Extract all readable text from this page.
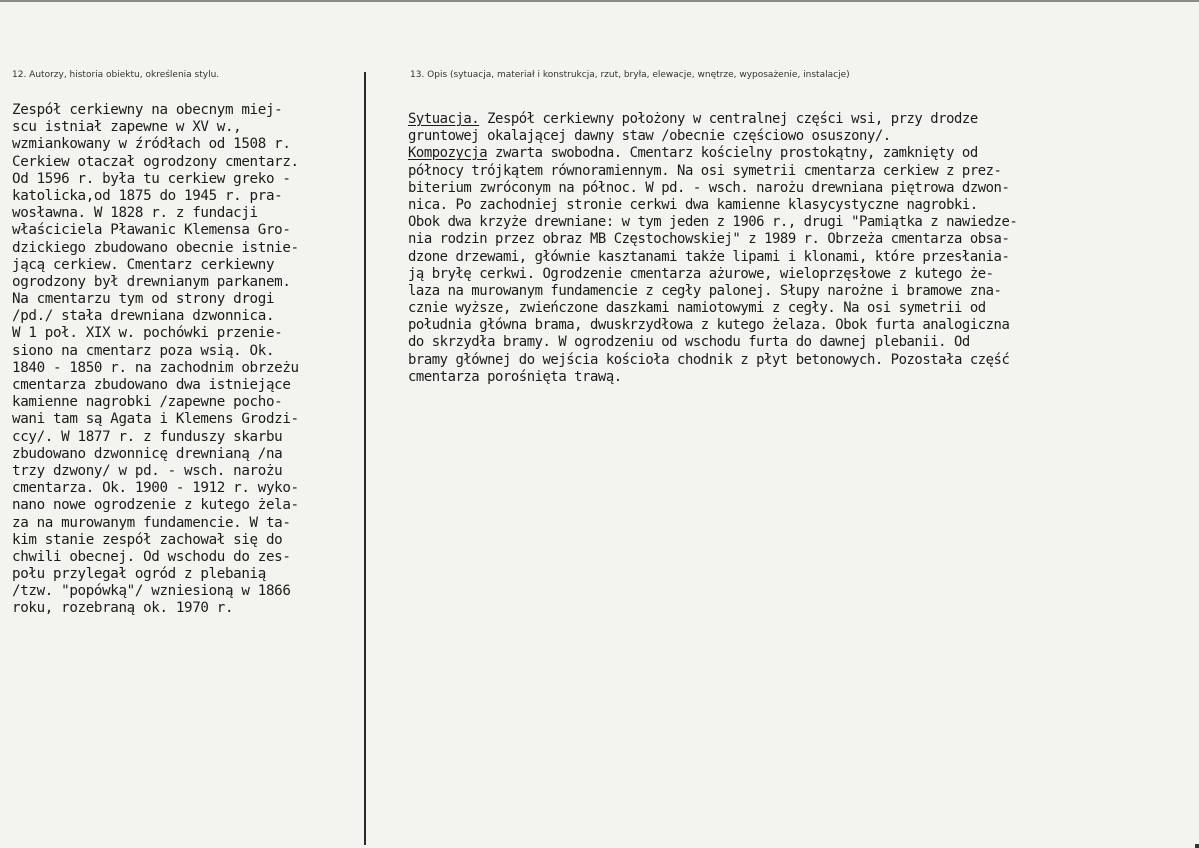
12. Autorzy, historia obiektu, określenia stylu.	13. Opis (sytuacja, materiał i konstrukcja, rzut, bryła, elewacje, wnętrze, wyposażenie, instalacje)
Zespół cerkiewny na obecnym miej-
scu istniał zapewne w XV w.,
wzmiankowany w źródłach od 1508 r.
Cerkiew otaczał ogrodzony cmentarz.
Od 1596 r. była tu cerkiew greko -
katolicka,od 1875 do 1945 r. pra-
wosławna. W 1828 r. z fundacji
właściciela Pławanic Klemensa Gro-
dzickiego zbudowano obecnie istnie-
jącą cerkiew. Cmentarz cerkiewny
ogrodzony był drewnianym parkanem.
Na cmentarzu tym od strony drogi
/pd./ stała drewniana dzwonnica.
W 1 poł. XIX w. pochówki przenie-
siono na cmentarz poza wsią. Ok.
1840 - 1850 r. na zachodnim obrzeżu
cmentarza zbudowano dwa istniejące
kamienne nagrobki /zapewne pocho-
wani tam są Agata i Klemens Grodzi-
ccy/. W 1877 r. z funduszy skarbu
zbudowano dzwonnicę drewnianą /na
trzy dzwony/ w pd. - wsch. narożu
cmentarza. Ok. 1900 - 1912 r. wyko-
nano nowe ogrodzenie z kutego żela-
za na murowanym fundamencie. W ta-
kim stanie zespół zachował się do
chwili obecnej. Od wschodu do zes-
połu przylegał ogród z plebanią
/tzw. "popówką"/ wzniesioną w 1866
roku, rozebraną ok. 1970 r.
Sytuacja. Zespół cerkiewny położony w centralnej części wsi, przy drodze
gruntowej okalającej dawny staw /obecnie częściowo osuszony/.
Kompozycja zwarta swobodna. Cmentarz kościelny prostokątny, zamknięty od
północy trójkątem równoramiennym. Na osi symetrii cmentarza cerkiew z prez-
biterium zwróconym na północ. W pd. - wsch. narożu drewniana piętrowa dzwon-
nica. Po zachodniej stronie cerkwi dwa kamienne klasycystyczne nagrobki.
Obok dwa krzyże drewniane: w tym jeden z 1906 r., drugi "Pamiątka z nawiedze-
nia rodzin przez obraz MB Częstochowskiej" z 1989 r. Obrzeża cmentarza obsa-
dzone drzewami, głównie kasztanami także lipami i klonami, które przesłania-
ją bryłę cerkwi. Ogrodzenie cmentarza ażurowe, wieloprzęsłowe z kutego że-
laza na murowanym fundamencie z cegły palonej. Słupy narożne i bramowe zna-
cznie wyższe, zwieńczone daszkami namiotowymi z cegły. Na osi symetrii od
południa główna brama, dwuskrzydłowa z kutego żelaza. Obok furta analogiczna
do skrzydła bramy. W ogrodzeniu od wschodu furta do dawnej plebanii. Od
bramy głównej do wejścia kościoła chodnik z płyt betonowych. Pozostała część
cmentarza porośnięta trawą.
